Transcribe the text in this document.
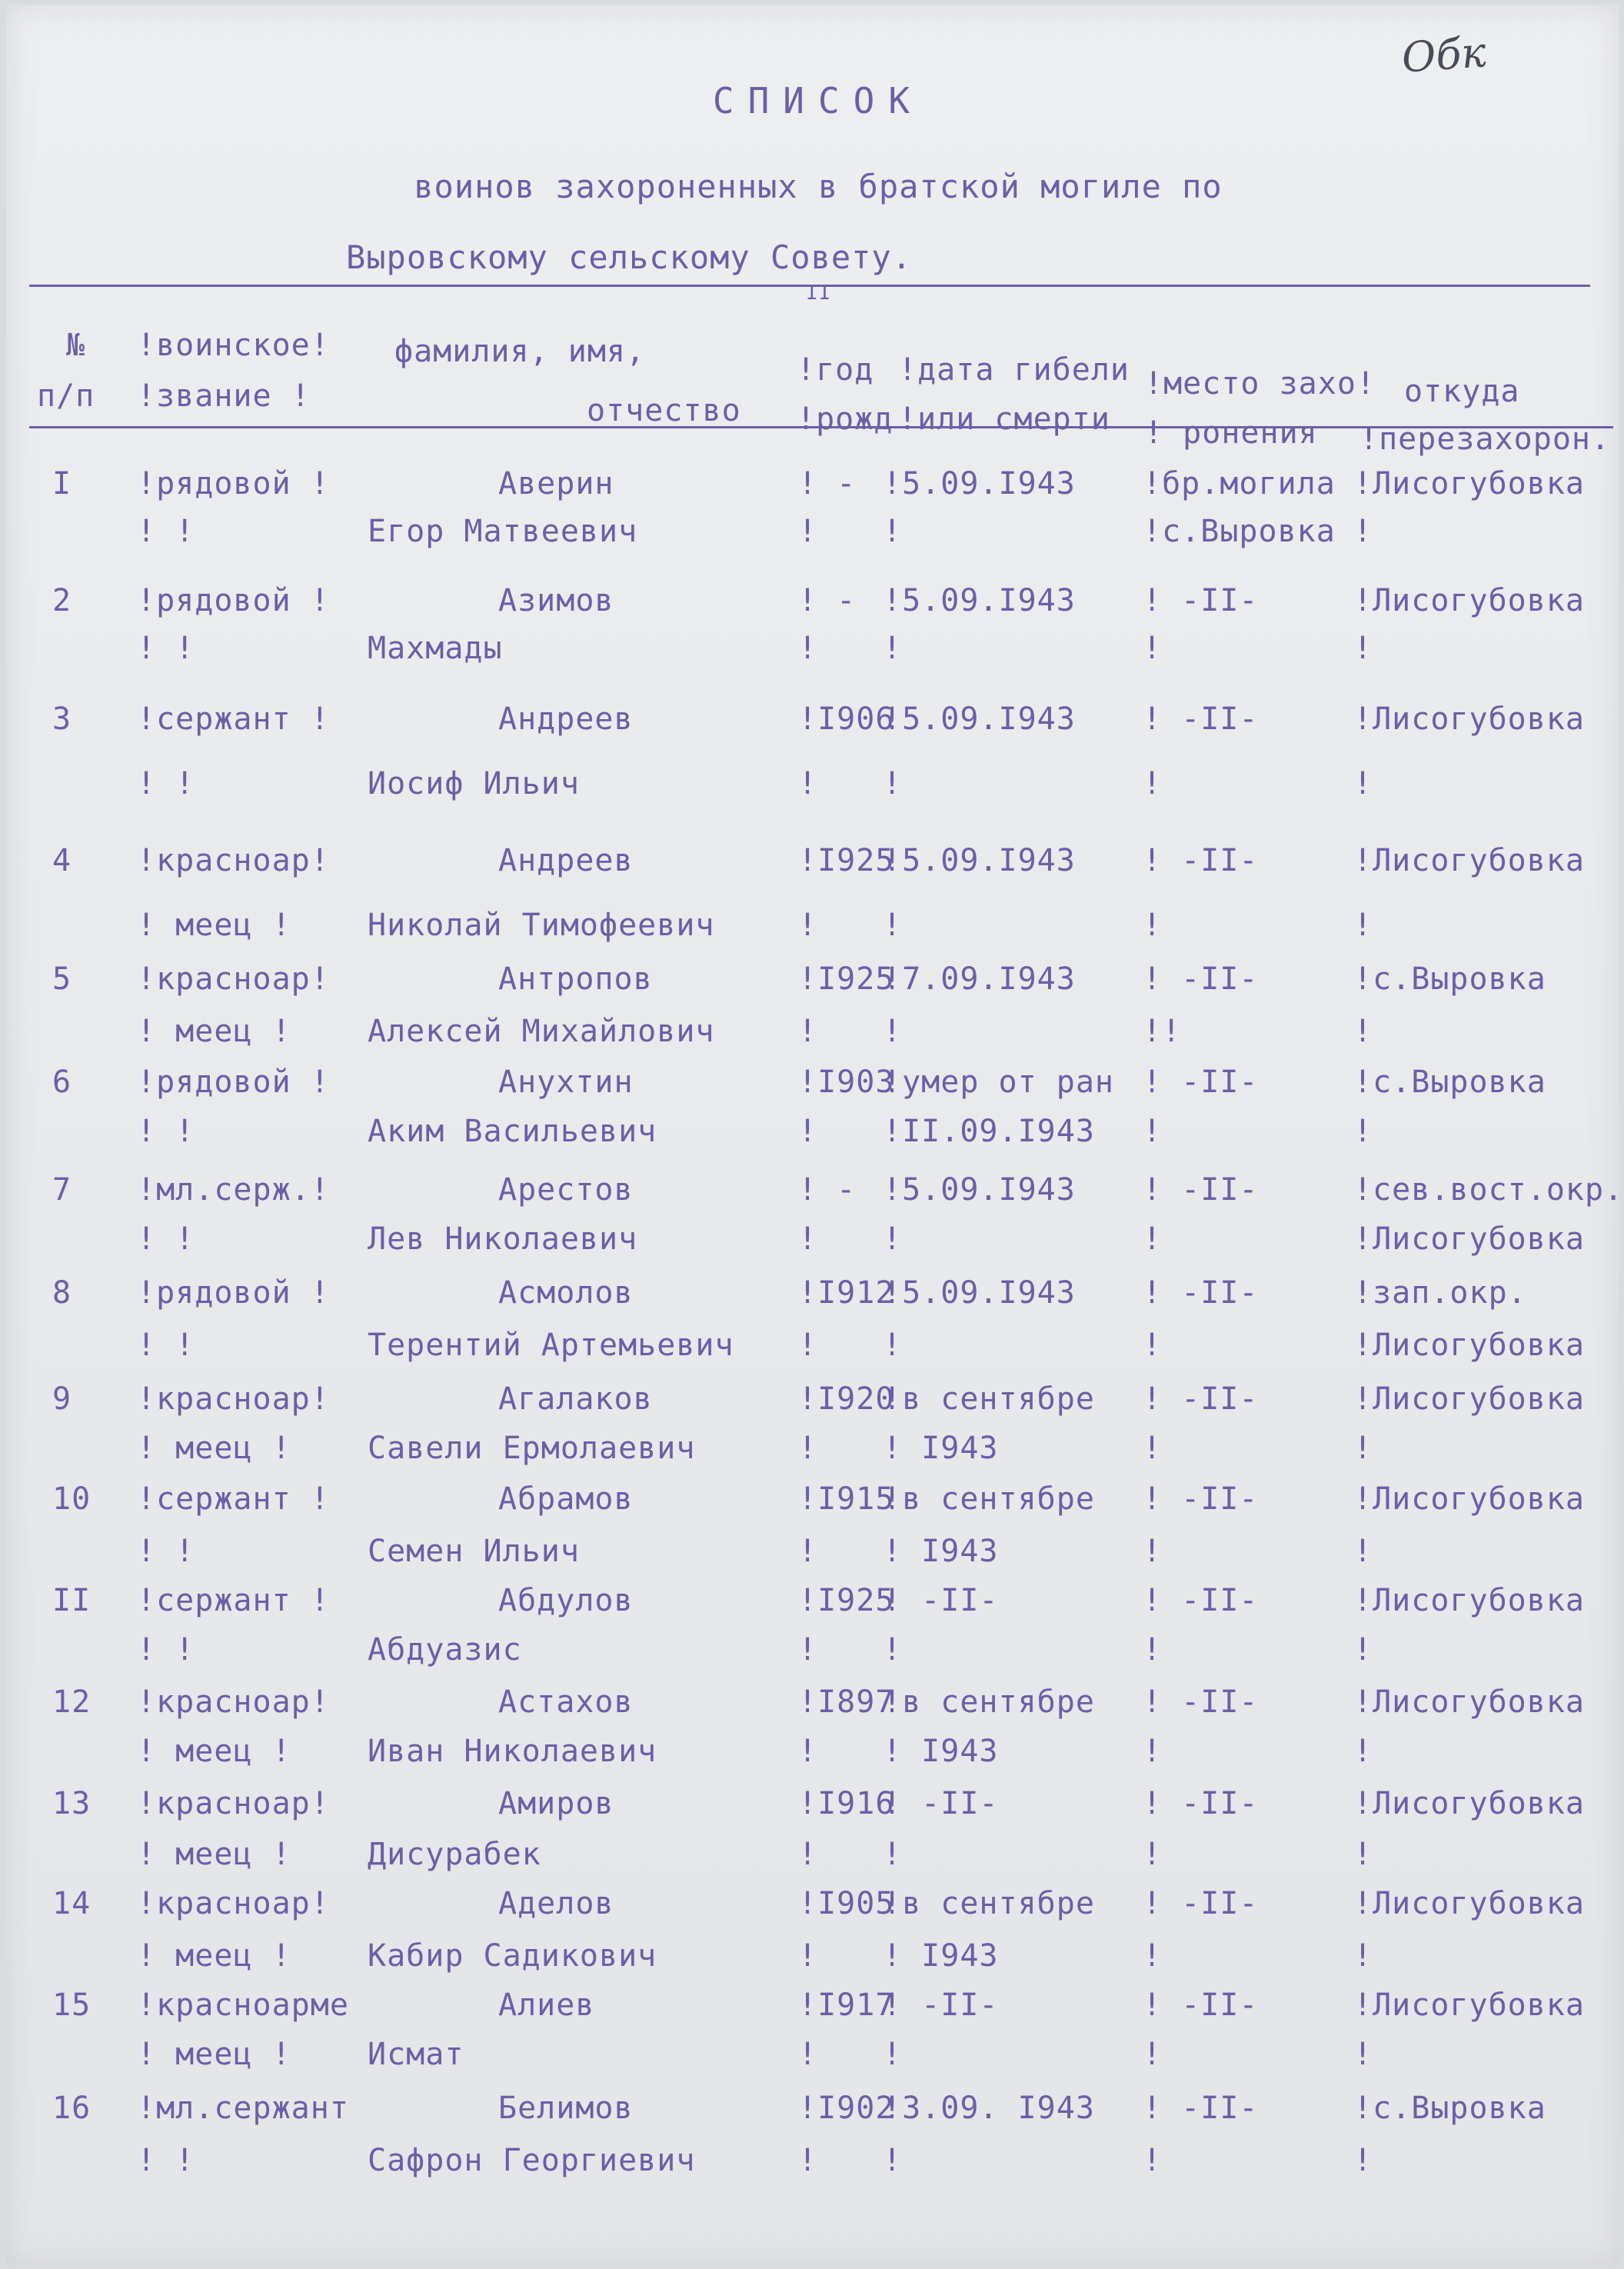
Обк
СПИСОК
воинов захороненных в братской могиле по
Выровскому сельскому Совету.
II
№
п/п
!воинское!
!звание !
фамилия, имя,
отчество
!год
!рожд
!дата гибели
!или смерти
!место захо!
! ронения
откуда
!перезахорон.
I !рядовой !
! !
Аверин
Егор Матвеевич
! -
!
!5.09.I943
!
!бр.могила
!с.Выровка
!Лисогубовка
!
2 !рядовой !
! !
Азимов
Махмады
! -
!
!5.09.I943
!
! -II-
!
!Лисогубовка
!
3 !сержант !
! !
Андреев
Иосиф Ильич
!I906
!
!5.09.I943
!
! -II-
!
!Лисогубовка
!
4 !красноар!
! меец !
Андреев
Николай Тимофеевич
!I925
!
!5.09.I943
!
! -II-
!
!Лисогубовка
!
5 !красноар!
! меец !
Антропов
Алексей Михайлович
!I925
!
!7.09.I943
!
! -II-
!!
!с.Выровка
!
6 !рядовой !
! !
Анухтин
Аким Васильевич
!I903
!
!умер от ран
!II.09.I943
! -II-
!
!с.Выровка
!
7 !мл.серж.!
! !
Арестов
Лев Николаевич
! -
!
!5.09.I943
!
! -II-
!
!сев.вост.окр.
!Лисогубовка
8 !рядовой !
! !
Асмолов
Терентий Артемьевич
!I912
!
!5.09.I943
!
! -II-
!
!зап.окр.
!Лисогубовка
9 !красноар!
! меец !
Агалаков
Савели Ермолаевич
!I920
!
!в сентябре
! I943
! -II-
!
!Лисогубовка
!
10 !сержант !
! !
Абрамов
Семен Ильич
!I915
!
!в сентябре
! I943
! -II-
!
!Лисогубовка
!
II !сержант !
! !
Абдулов
Абдуазис
!I925
!
! -II-
!
! -II-
!
!Лисогубовка
!
12 !красноар!
! меец !
Астахов
Иван Николаевич
!I897
!
!в сентябре
! I943
! -II-
!
!Лисогубовка
!
13 !красноар!
! меец !
Амиров
Дисурабек
!I916
!
! -II-
!
! -II-
!
!Лисогубовка
!
14 !красноар!
! меец !
Аделов
Кабир Садикович
!I905
!
!в сентябре
! I943
! -II-
!
!Лисогубовка
!
15 !красноарме
! меец !
Алиев
Исмат
!I917
!
! -II-
!
! -II-
!
!Лисогубовка
!
16 !мл.сержант
! !
Белимов
Сафрон Георгиевич
!I902
!
!3.09. I943
!
! -II-
!
!с.Выровка
!
